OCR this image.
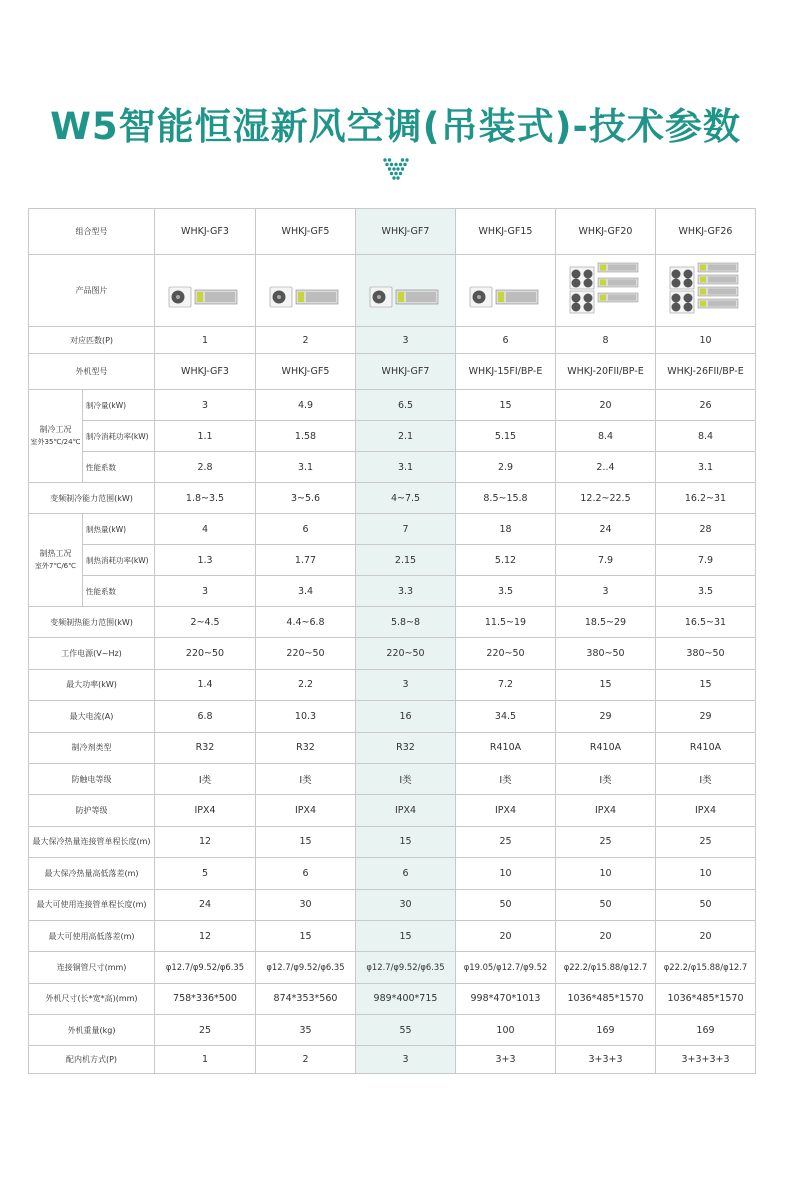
W5智能恒湿新风空调(吊装式)-技术参数
组合型号		WHKJ-GF3	WHKJ-GF5	WHKJ-GF7	WHKJ-GF15	WHKJ-GF20	WHKJ-GF26
产品图片	

对应匹数(P)		1	2	3	6	8	10
外机型号		WHKJ-GF3	WHKJ-GF5	WHKJ-GF7	WHKJ-15FI/BP-E	WHKJ-20FII/BP-E	WHKJ-26FII/BP-E

制冷工况
室外35℃/24℃	制冷量(kW)	3	4.9	6.5	15	20	26
	制冷消耗功率(kW)	1.1	1.58	2.1	5.15	8.4	8.4
	性能系数	2.8	3.1	3.1	2.9	2..4	3.1
变频制冷能力范围(kW)		1.8~3.5	3~5.6	4~7.5	8.5~15.8	12.2~22.5	16.2~31

制热工况
室外7℃/6℃	制热量(kW)	4	6	7	18	24	28
	制热消耗功率(kW)	1.3	1.77	2.15	5.12	7.9	7.9
	性能系数	3	3.4	3.3	3.5	3	3.5
变频制热能力范围(kW)		2~4.5	4.4~6.8	5.8~8	11.5~19	18.5~29	16.5~31
工作电源(V~Hz)		220~50	220~50	220~50	220~50	380~50	380~50
最大功率(kW)		1.4	2.2	3	7.2	15	15
最大电流(A)		6.8	10.3	16	34.5	29	29
制冷剂类型		R32	R32	R32	R410A	R410A	R410A
防触电等级		I类	I类	I类	I类	I类	I类
防护等级		IPX4	IPX4	IPX4	IPX4	IPX4	IPX4
最大保冷热量连接管单程长度(m)		12	15	15	25	25	25
最大保冷热量高低落差(m)		5	6	6	10	10	10
最大可使用连接管单程长度(m)		24	30	30	50	50	50
最大可使用高低落差(m)		12	15	15	20	20	20
连接铜管尺寸(mm)		φ12.7/φ9.52/φ6.35	φ12.7/φ9.52/φ6.35	φ12.7/φ9.52/φ6.35	φ19.05/φ12.7/φ9.52	φ22.2/φ15.88/φ12.7	φ22.2/φ15.88/φ12.7
外机尺寸(长*宽*高)(mm)		758*336*500	874*353*560	989*400*715	998*470*1013	1036*485*1570	1036*485*1570
外机重量(kg)		25	35	55	100	169	169
配内机方式(P)		1	2	3	3+3	3+3+3	3+3+3+3
